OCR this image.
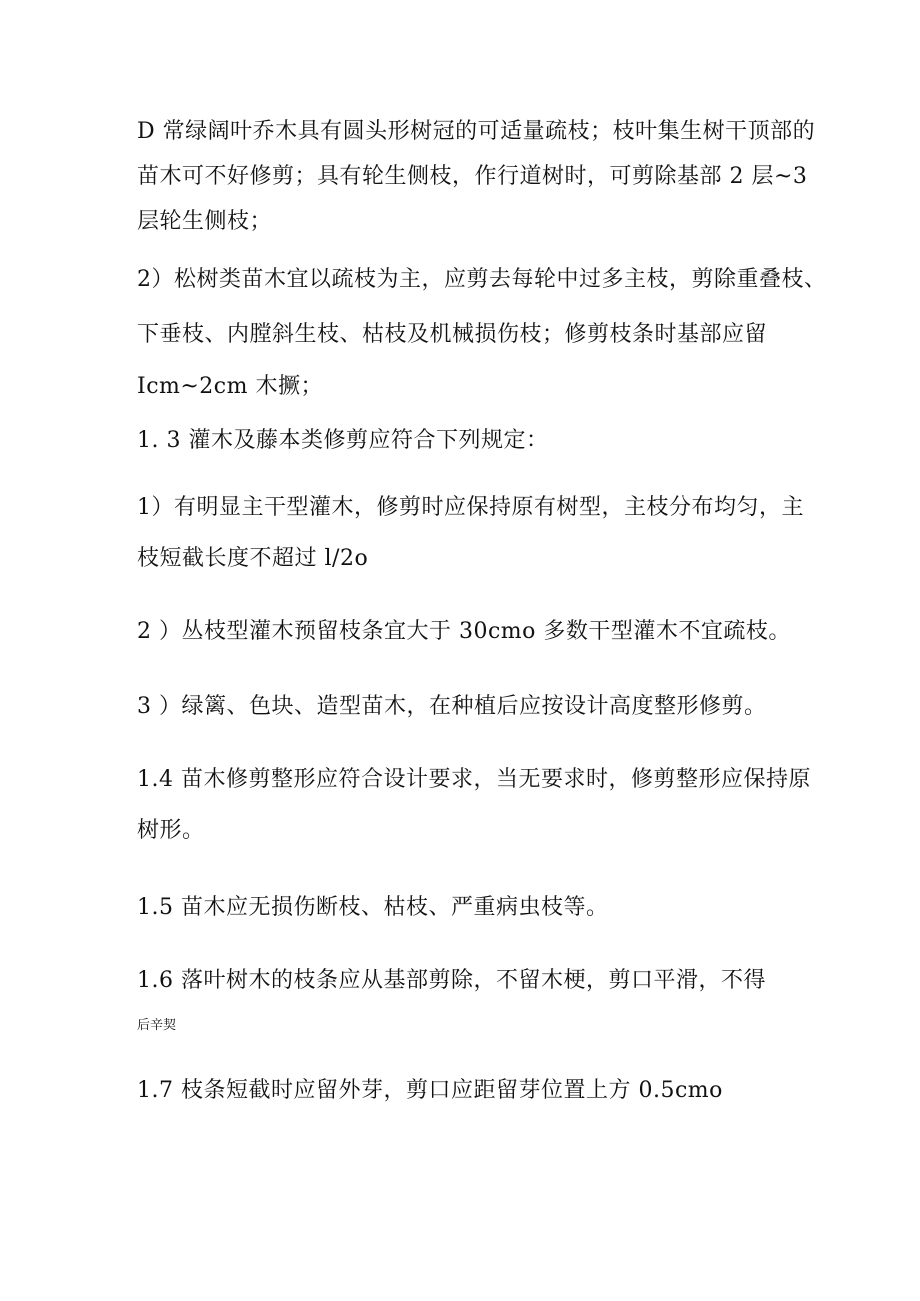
D 常绿阔叶乔木具有圆头形树冠的可适量疏枝；枝叶集生树干顶部的
苗木可不好修剪；具有轮生侧枝，作行道树时，可剪除基部 2 层~3
层轮生侧枝；
2）松树类苗木宜以疏枝为主，应剪去每轮中过多主枝，剪除重叠枝、
下垂枝、内膛斜生枝、枯枝及机械损伤枝；修剪枝条时基部应留
Icm~2cm 木撅；
1. 3 灌木及藤本类修剪应符合下列规定：
1）有明显主干型灌木，修剪时应保持原有树型，主枝分布均匀，主
枝短截长度不超过 l/2o
2 ）丛枝型灌木预留枝条宜大于 30cmo 多数干型灌木不宜疏枝。
3 ）绿篱、色块、造型苗木，在种植后应按设计高度整形修剪。
1.4 苗木修剪整形应符合设计要求，当无要求时，修剪整形应保持原
树形。
1.5 苗木应无损伤断枝、枯枝、严重病虫枝等。
1.6 落叶树木的枝条应从基部剪除，不留木梗，剪口平滑，不得
后辛契
1.7 枝条短截时应留外芽，剪口应距留芽位置上方 0.5cmo
